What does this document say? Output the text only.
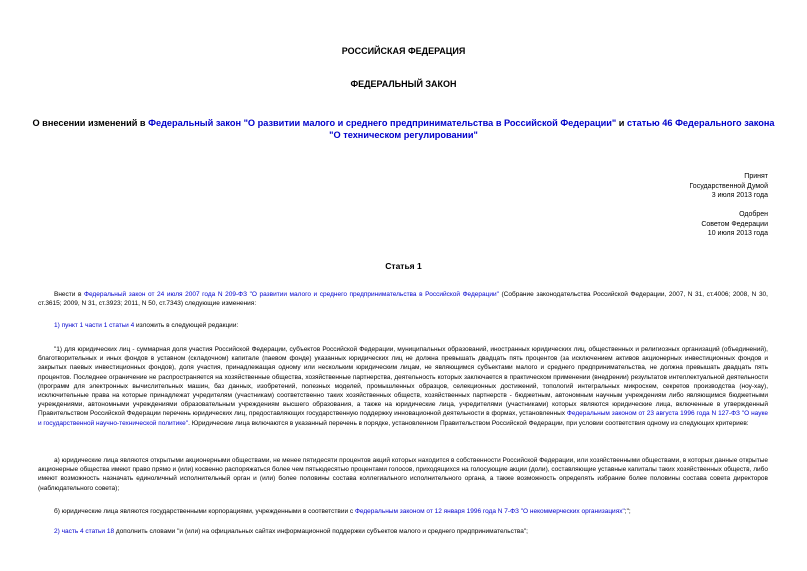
РОССИЙСКАЯ ФЕДЕРАЦИЯ
ФЕДЕРАЛЬНЫЙ ЗАКОН
О внесении изменений в Федеральный закон "О развитии малого и среднего предпринимательства в Российской Федерации" и статью 46 Федерального закона "О техническом регулировании"
Принят
Государственной Думой
3 июля 2013 года
Одобрен
Советом Федерации
10 июля 2013 года
Статья 1
Внести в Федеральный закон от 24 июля 2007 года N 209-ФЗ "О развитии малого и среднего предпринимательства в Российской Федерации" (Собрание законодательства Российской Федерации, 2007, N 31, ст.4006; 2008, N 30, ст.3615; 2009, N 31, ст.3923; 2011, N 50, ст.7343) следующие изменения:
1) пункт 1 части 1 статьи 4 изложить в следующей редакции:
"1) для юридических лиц - суммарная доля участия Российской Федерации, субъектов Российской Федерации, муниципальных образований, иностранных юридических лиц, общественных и религиозных организаций (объединений), благотворительных и иных фондов в уставном (складочном) капитале (паевом фонде) указанных юридических лиц не должна превышать двадцать пять процентов (за исключением активов акционерных инвестиционных фондов и закрытых паевых инвестиционных фондов), доля участия, принадлежащая одному или нескольким юридическим лицам, не являющимся субъектами малого и среднего предпринимательства, не должна превышать двадцать пять процентов. Последнее ограничение не распространяется на хозяйственные общества, хозяйственные партнерства, деятельность которых заключается в практическом применении (внедрении) результатов интеллектуальной деятельности (программ для электронных вычислительных машин, баз данных, изобретений, полезных моделей, промышленных образцов, селекционных достижений, топологий интегральных микросхем, секретов производства (ноу-хау), исключительные права на которые принадлежат учредителям (участникам) соответственно таких хозяйственных обществ, хозяйственных партнерств - бюджетным, автономным научным учреждениям либо являющимся бюджетными учреждениями, автономными учреждениями образовательным учреждениям высшего образования, а также на юридические лица, учредителями (участниками) которых являются юридические лица, включенные в утвержденный Правительством Российской Федерации перечень юридических лиц, предоставляющих государственную поддержку инновационной деятельности в формах, установленных Федеральным законом от 23 августа 1996 года N 127-ФЗ "О науке и государственной научно-технической политике". Юридические лица включаются в указанный перечень в порядке, установленном Правительством Российской Федерации, при условии соответствия одному из следующих критериев:
а) юридические лица являются открытыми акционерными обществами, не менее пятидесяти процентов акций которых находится в собственности Российской Федерации, или хозяйственными обществами, в которых данные открытые акционерные общества имеют право прямо и (или) косвенно распоряжаться более чем пятьюдесятью процентами голосов, приходящихся на голосующие акции (доли), составляющие уставные капиталы таких хозяйственных обществ, либо имеют возможность назначать единоличный исполнительный орган и (или) более половины состава коллегиального исполнительного органа, а также возможность определять избрание более половины состава совета директоров (наблюдательного совета);
б) юридические лица являются государственными корпорациями, учрежденными в соответствии с Федеральным законом от 12 января 1996 года N 7-ФЗ "О некоммерческих организациях";";
2) часть 4 статьи 18 дополнить словами "и (или) на официальных сайтах информационной поддержки субъектов малого и среднего предпринимательства";
